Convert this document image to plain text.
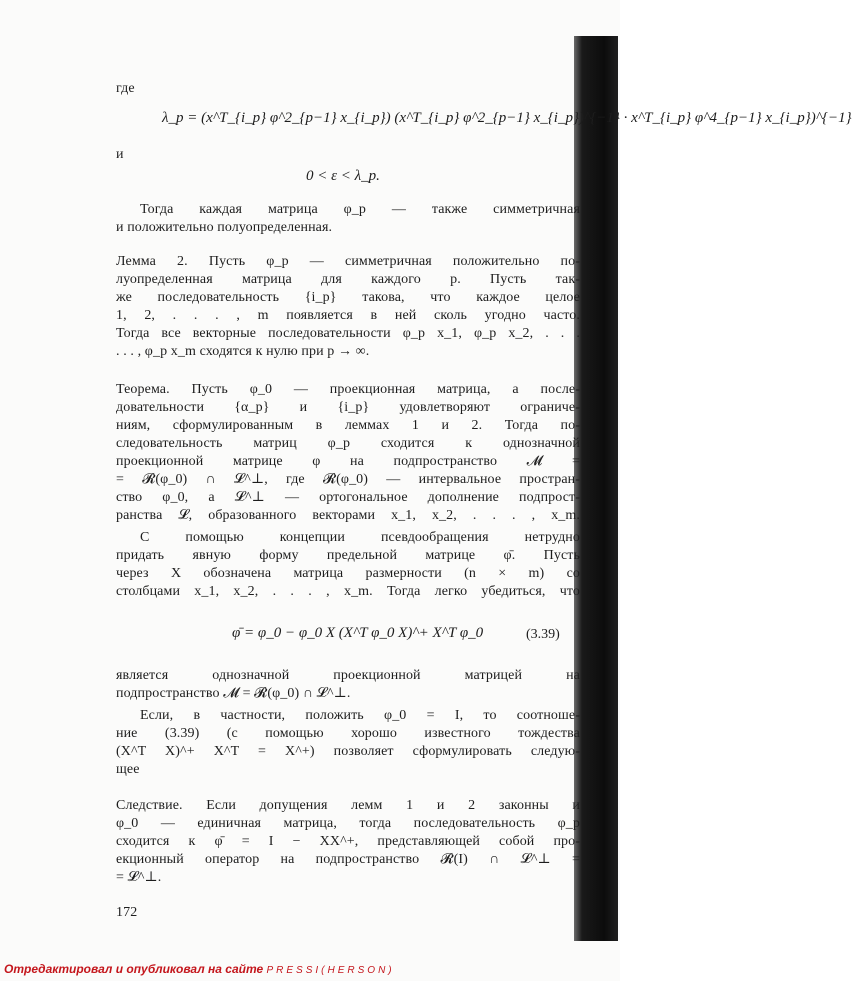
где
λ_p = (x^T_{i_p} φ^2_{p−1} x_{i_p}) (x^T_{i_p} φ^2_{p−1} x_{i_p})^{−1} · x^T_{i_p} φ^4_{p−1} x_{i_p})^{−1}
и
0 < ε < λ_p.
Тогда каждая матрица φ_p — также симметричная
и положительно полуопределенная.
Лемма 2. Пусть φ_p — симметричная положительно по-
луопределенная матрица для каждого p. Пусть так-
же последовательность {i_p} такова, что каждое целое
1, 2, . . . , m появляется в ней сколь угодно часто.
Тогда все векторные последовательности φ_p x_1, φ_p x_2, . . .
. . . , φ_p x_m сходятся к нулю при p → ∞.
Теорема. Пусть φ_0 — проекционная матрица, а после-
довательности {α_p} и {i_p} удовлетворяют ограниче-
ниям, сформулированным в леммах 1 и 2. Тогда по-
следовательность матриц φ_p сходится к однозначной
проекционной матрице φ на подпространство 𝓜 =
= 𝓡(φ_0) ∩ 𝓛^⊥, где 𝓡(φ_0) — интервальное простран-
ство φ_0, а 𝓛^⊥ — ортогональное дополнение подпрост-
ранства 𝓛, образованного векторами x_1, x_2, . . . , x_m.
С помощью концепции псевдообращения нетрудно
придать явную форму предельной матрице φ̄. Пусть
через X обозначена матрица размерности (n × m) со
столбцами x_1, x_2, . . . , x_m. Тогда легко убедиться, что
φ̄ = φ_0 − φ_0 X (X^T φ_0 X)^+ X^T φ_0	(3.39)
является однозначной проекционной матрицей на
подпространство 𝓜 = 𝓡(φ_0) ∩ 𝓛^⊥.
Если, в частности, положить φ_0 = I, то соотноше-
ние (3.39) (с помощью хорошо известного тождества
(X^T X)^+ X^T = X^+) позволяет сформулировать следую-
щее
Следствие. Если допущения лемм 1 и 2 законны и
φ_0 — единичная матрица, тогда последовательность φ_p
сходится к φ̄ = I − XX^+, представляющей собой про-
екционный оператор на подпространство 𝓡(I) ∩ 𝓛^⊥ =
= 𝓛^⊥.
172
Отредактировал и опубликовал на сайте PRESSI(HERSON)
